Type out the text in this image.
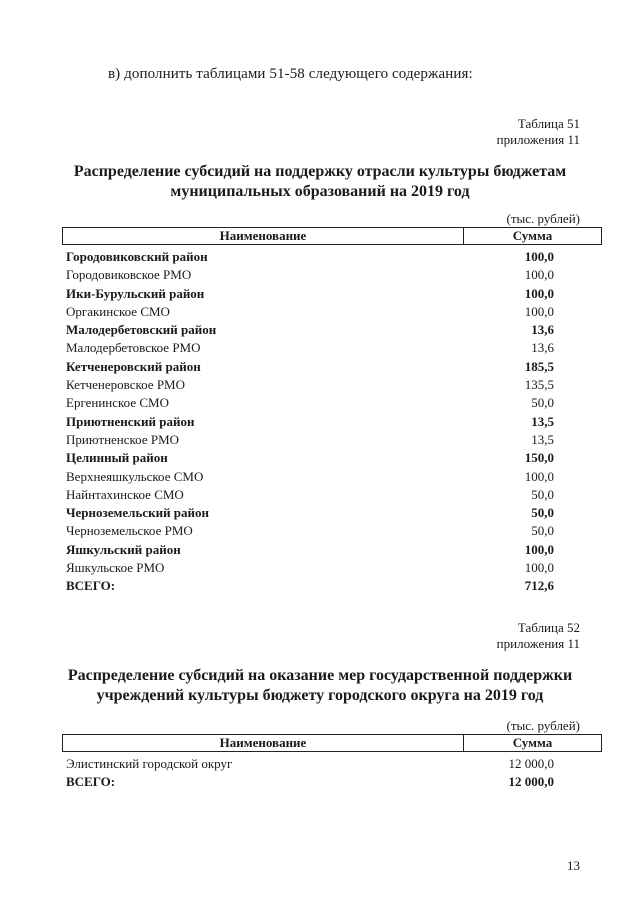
в) дополнить таблицами 51-58 следующего содержания:
Таблица 51
приложения 11
Распределение субсидий на поддержку отрасли культуры бюджетам
муниципальных образований на 2019 год
(тыс. рублей)
Наименование	Сумма
Городовиковский район	100,0
Городовиковское РМО	100,0
Ики-Бурульский район	100,0
Оргакинское СМО	100,0
Малодербетовский район	13,6
Малодербетовское РМО	13,6
Кетченеровский район	185,5
Кетченеровское РМО	135,5
Ергенинское СМО	50,0
Приютненский район	13,5
Приютненское РМО	13,5
Целинный район	150,0
Верхнеяшкульское СМО	100,0
Найнтахинское СМО	50,0
Черноземельский район	50,0
Черноземельское РМО	50,0
Яшкульский район	100,0
Яшкульское РМО	100,0
ВСЕГО:	712,6
Таблица 52
приложения 11
Распределение субсидий на оказание мер государственной поддержки
учреждений культуры бюджету городского округа на 2019 год
(тыс. рублей)
Наименование	Сумма
Элистинский городской округ	12 000,0
ВСЕГО:	12 000,0
13
